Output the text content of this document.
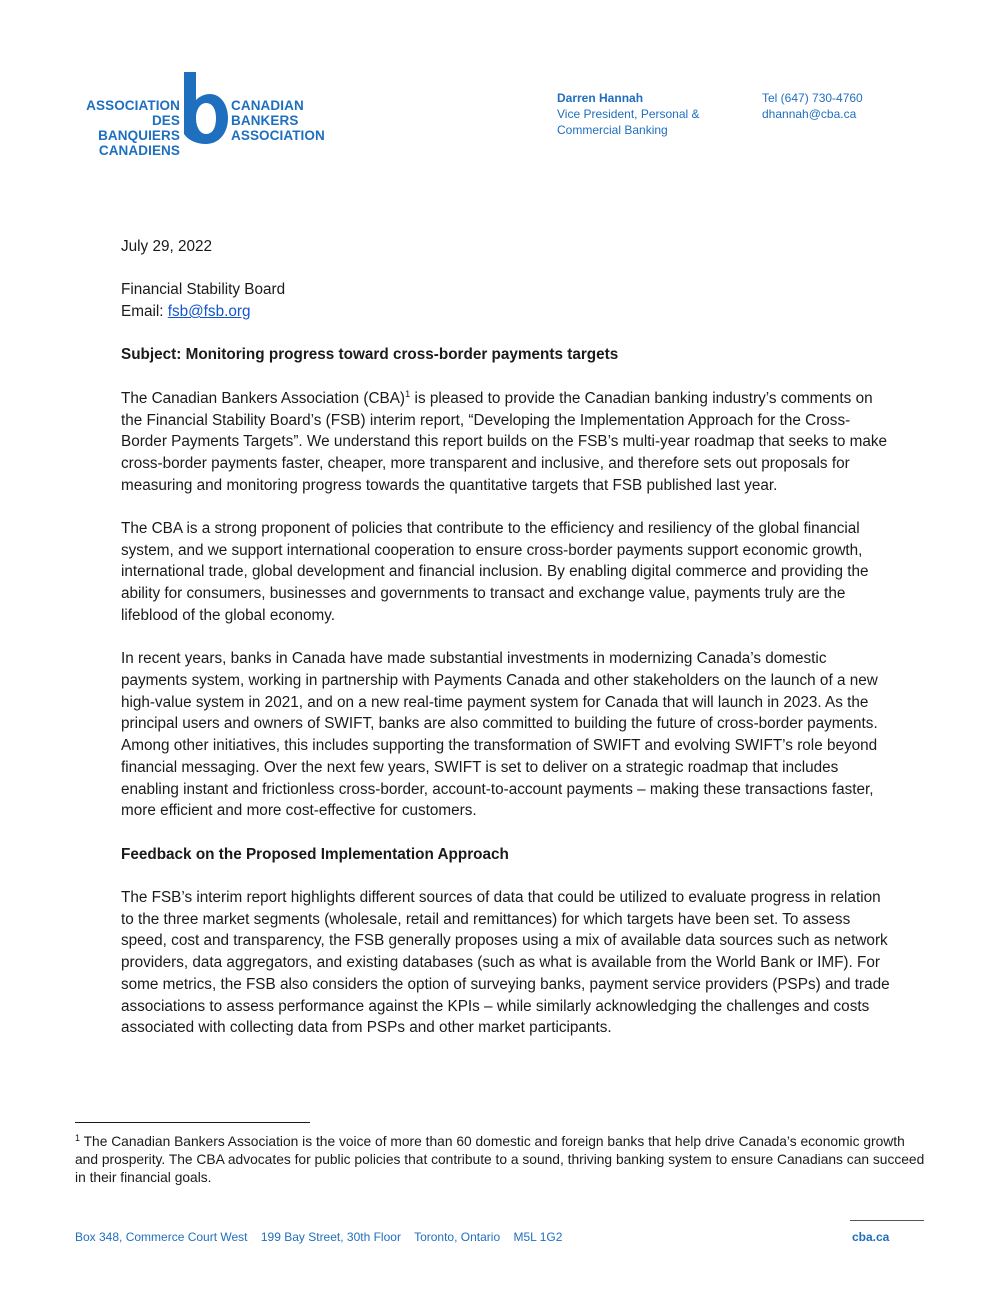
ASSOCIATION
DES BANQUIERS
CANADIENS
CANADIAN
BANKERS
ASSOCIATION
Darren Hannah
Vice President, Personal &
Commercial Banking
Tel (647) 730-4760
dhannah@cba.ca

July 29, 2022

Financial Stability Board
Email: fsb@fsb.org

Subject: Monitoring progress toward cross-border payments targets

The Canadian Bankers Association (CBA)$^1$ is pleased to provide the Canadian banking industry’s comments on the Financial Stability Board’s (FSB) interim report, “Developing the Implementation Approach for the Cross-Border Payments Targets”. We understand this report builds on the FSB’s multi-year roadmap that seeks to make cross-border payments faster, cheaper, more transparent and inclusive, and therefore sets out proposals for measuring and monitoring progress towards the quantitative targets that FSB published last year.

The CBA is a strong proponent of policies that contribute to the efficiency and resiliency of the global financial system, and we support international cooperation to ensure cross-border payments support economic growth, international trade, global development and financial inclusion. By enabling digital commerce and providing the ability for consumers, businesses and governments to transact and exchange value, payments truly are the lifeblood of the global economy.

In recent years, banks in Canada have made substantial investments in modernizing Canada’s domestic payments system, working in partnership with Payments Canada and other stakeholders on the launch of a new high-value system in 2021, and on a new real-time payment system for Canada that will launch in 2023. As the principal users and owners of SWIFT, banks are also committed to building the future of cross-border payments. Among other initiatives, this includes supporting the transformation of SWIFT and evolving SWIFT’s role beyond financial messaging. Over the next few years, SWIFT is set to deliver on a strategic roadmap that includes enabling instant and frictionless cross-border, account-to-account payments – making these transactions faster, more efficient and more cost-effective for customers.

Feedback on the Proposed Implementation Approach

The FSB’s interim report highlights different sources of data that could be utilized to evaluate progress in relation to the three market segments (wholesale, retail and remittances) for which targets have been set. To assess speed, cost and transparency, the FSB generally proposes using a mix of available data sources such as network providers, data aggregators, and existing databases (such as what is available from the World Bank or IMF). For some metrics, the FSB also considers the option of surveying banks, payment service providers (PSPs) and trade associations to assess performance against the KPIs – while similarly acknowledging the challenges and costs associated with collecting data from PSPs and other market participants.

$^1$ The Canadian Bankers Association is the voice of more than 60 domestic and foreign banks that help drive Canada’s economic growth and prosperity. The CBA advocates for public policies that contribute to a sound, thriving banking system to ensure Canadians can succeed in their financial goals.
Box 348, Commerce Court West 199 Bay Street, 30th Floor Toronto, Ontario M5L 1G2	cba.ca
